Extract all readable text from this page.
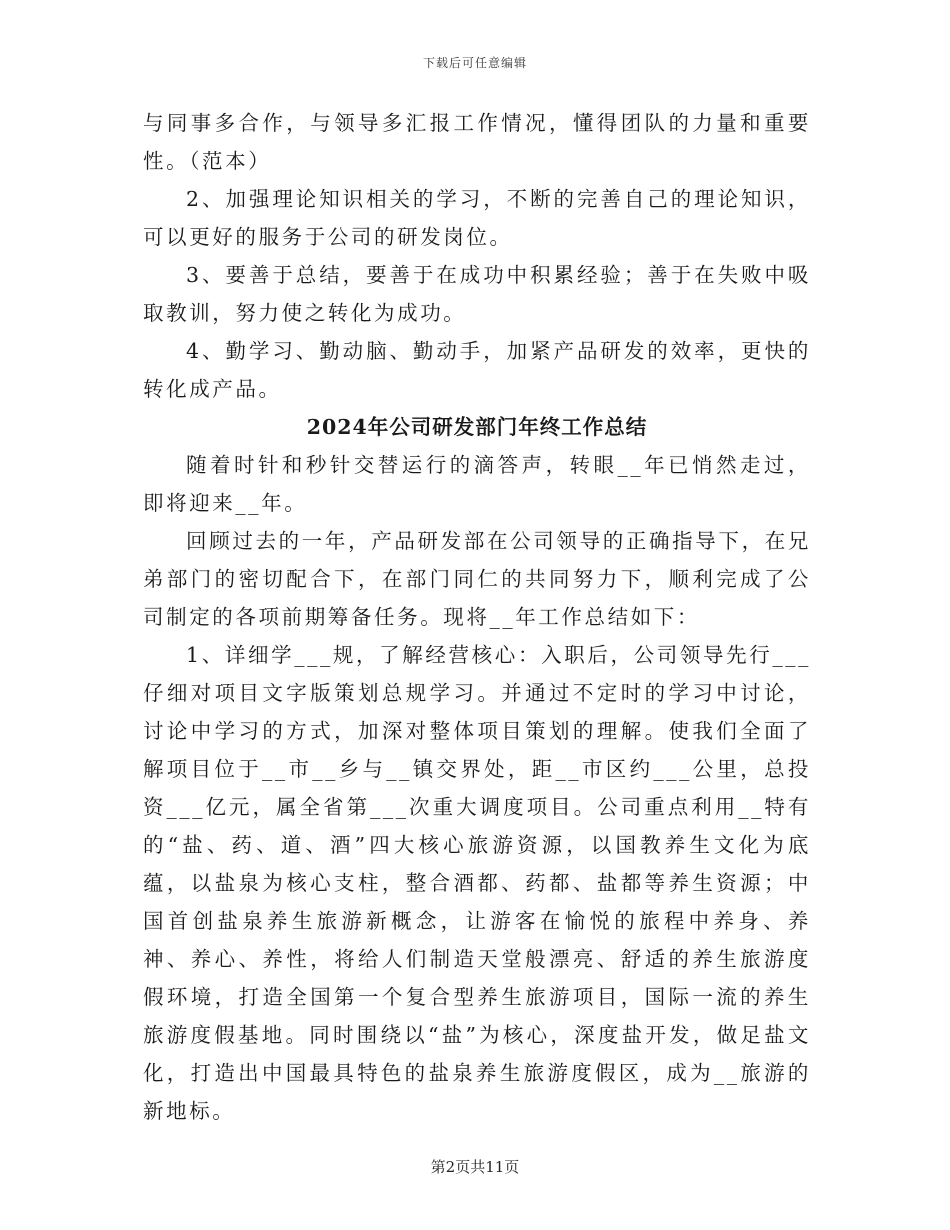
下载后可任意编辑

与同事多合作，与领导多汇报工作情况，懂得团队的力量和重要性。（范本）

2、加强理论知识相关的学习，不断的完善自己的理论知识，可以更好的服务于公司的研发岗位。

3、要善于总结，要善于在成功中积累经验；善于在失败中吸取教训，努力使之转化为成功。

4、勤学习、勤动脑、勤动手，加紧产品研发的效率，更快的转化成产品。

2024年公司研发部门年终工作总结

随着时针和秒针交替运行的滴答声，转眼__年已悄然走过，即将迎来__年。

回顾过去的一年，产品研发部在公司领导的正确指导下，在兄弟部门的密切配合下，在部门同仁的共同努力下，顺利完成了公司制定的各项前期筹备任务。现将__年工作总结如下：

1、详细学___规，了解经营核心：入职后，公司领导先行___仔细对项目文字版策划总规学习。并通过不定时的学习中讨论，讨论中学习的方式，加深对整体项目策划的理解。使我们全面了解项目位于__市__乡与__镇交界处，距__市区约___公里，总投资___亿元，属全省第___次重大调度项目。公司重点利用__特有的“盐、药、道、酒”四大核心旅游资源，以国教养生文化为底蕴，以盐泉为核心支柱，整合酒都、药都、盐都等养生资源；中国首创盐泉养生旅游新概念，让游客在愉悦的旅程中养身、养神、养心、养性，将给人们制造天堂般漂亮、舒适的养生旅游度假环境，打造全国第一个复合型养生旅游项目，国际一流的养生旅游度假基地。同时围绕以“盐”为核心，深度盐开发，做足盐文化，打造出中国最具特色的盐泉养生旅游度假区，成为__旅游的新地标。

第2页共11页
